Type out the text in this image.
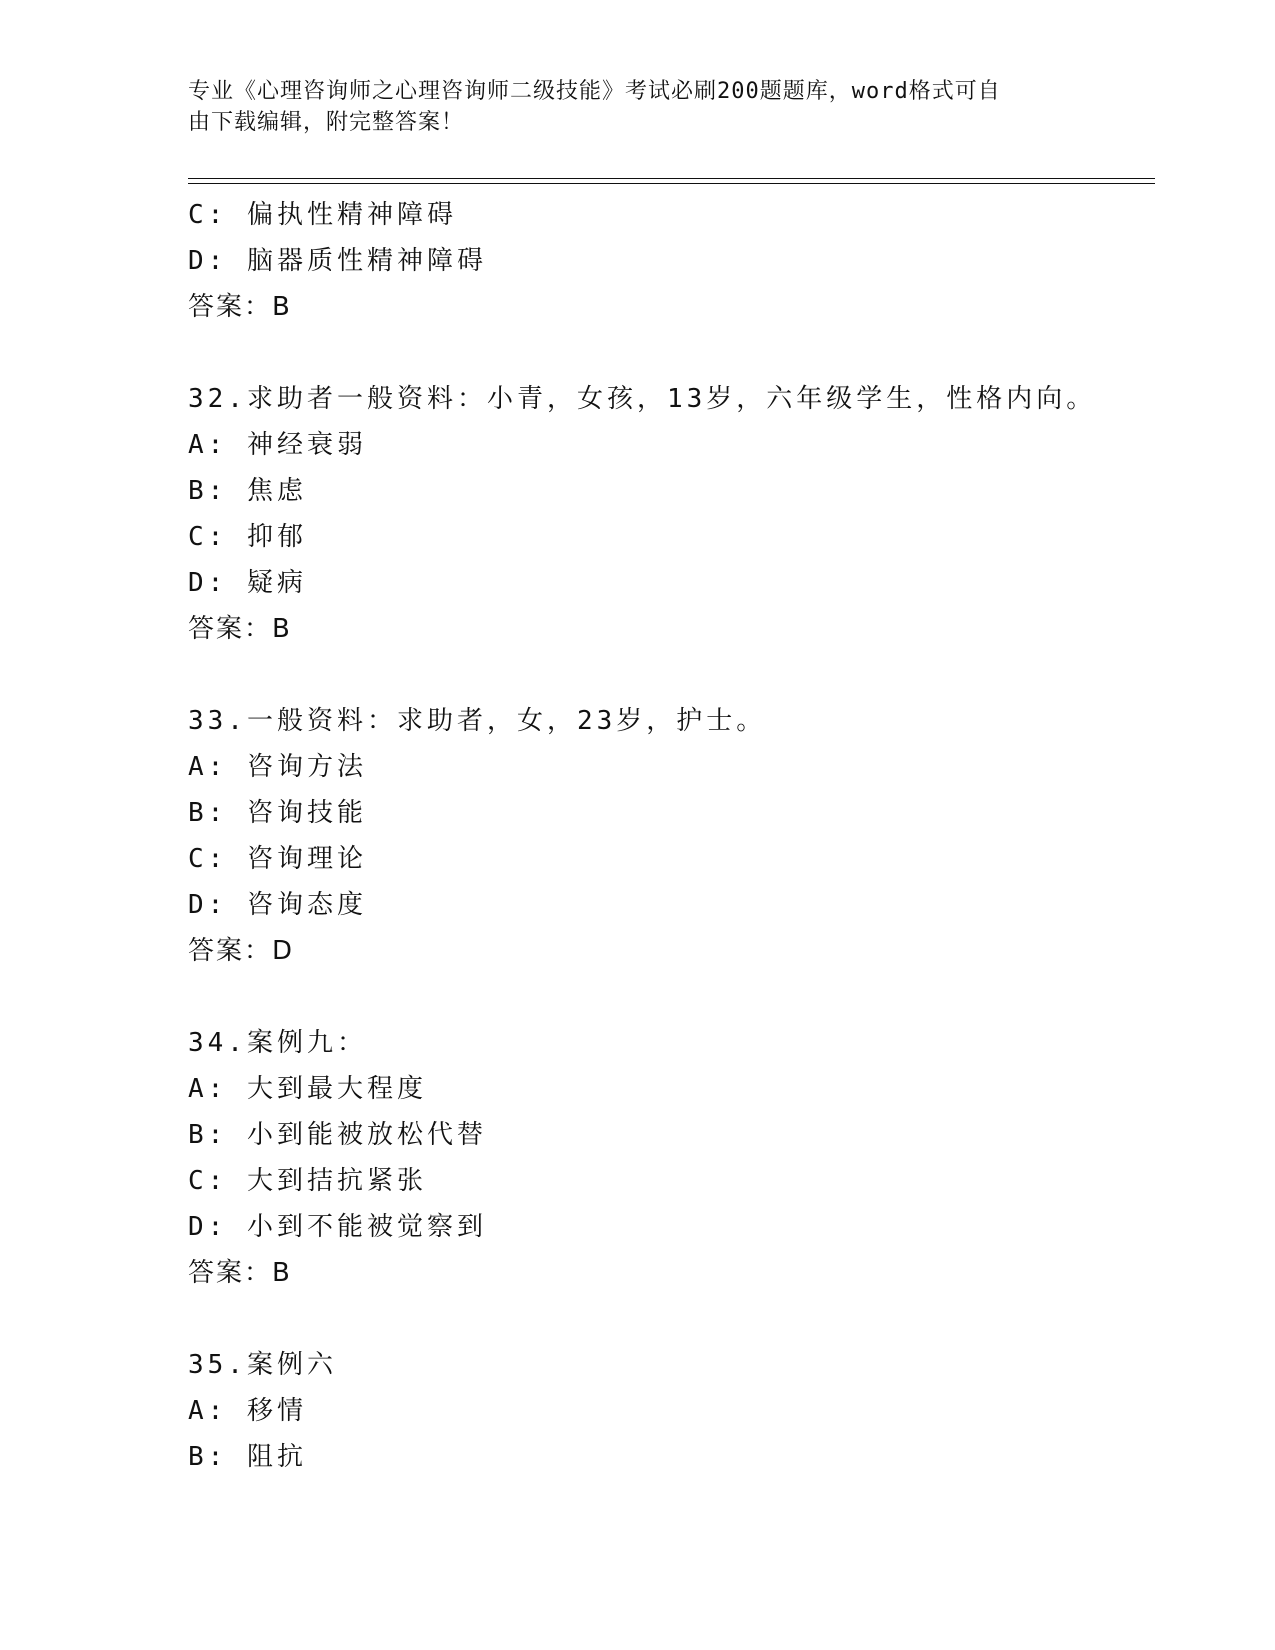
专业《心理咨询师之心理咨询师二级技能》考试必刷200题题库，word格式可自
由下载编辑，附完整答案！
C: 偏执性精神障碍
D: 脑器质性精神障碍
答案：B
32.求助者一般资料：小青，女孩，13岁，六年级学生，性格内向。
A: 神经衰弱
B: 焦虑
C: 抑郁
D: 疑病
答案：B
33.一般资料：求助者，女，23岁，护士。
A: 咨询方法
B: 咨询技能
C: 咨询理论
D: 咨询态度
答案：D
34.案例九：
A: 大到最大程度
B: 小到能被放松代替
C: 大到拮抗紧张
D: 小到不能被觉察到
答案：B
35.案例六
A: 移情
B: 阻抗
